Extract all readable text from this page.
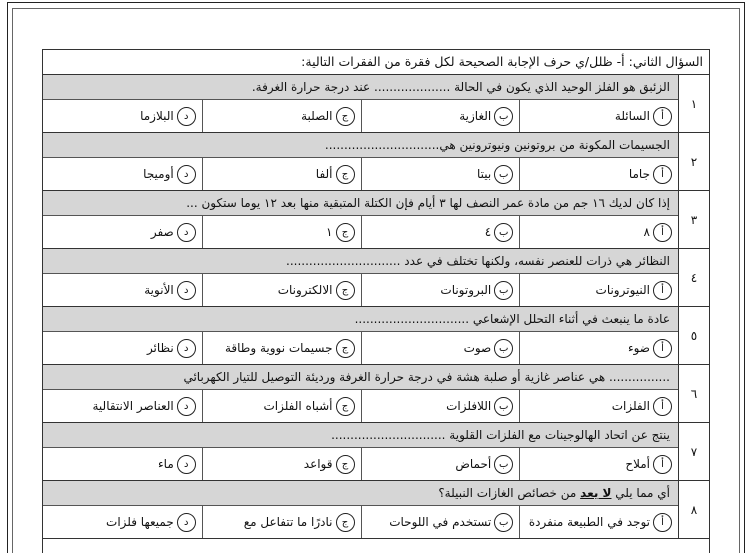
السؤال الثاني: أ- ظلل/ي حرف الإجابة الصحيحة لكل فقرة من الفقرات التالية:
١
الزئبق هو الفلز الوحيد الذي يكون في الحالة .................... عند درجة حرارة الغرفة.
أ
السائلة
ب
الغازية
ج
الصلبة
د
البلازما
٢
الجسيمات المكونة من بروتونين ونيوترونين هي..............................
أ
جاما
ب
بيتا
ج
ألفا
د
أوميجا
٣
إذا كان لديك ١٦ جم من مادة عمر النصف لها ٣ أيام فإن الكتلة المتبقية منها بعد ١٢ يوما ستكون ...
أ
٨
ب
٤
ج
١
د
صفر
٤
النظائر هي ذرات للعنصر نفسه، ولكنها تختلف في عدد ..............................
أ
النيوترونات
ب
البروتونات
ج
الالكترونات
د
الأنوية
٥
عادة ما ينبعث في أثناء التحلل الإشعاعي ..............................
أ
ضوء
ب
صوت
ج
جسيمات نووية وطاقة
د
نظائر
٦
................ هي عناصر غازية أو صلبة هشة في درجة حرارة الغرفة ورديئة التوصيل للتيار الكهربائي
أ
الفلزات
ب
اللافلزات
ج
أشباه الفلزات
د
العناصر الانتقالية
٧
ينتج عن اتحاد الهالوجينات مع الفلزات القلوية ..............................
أ
أملاح
ب
أحماض
ج
قواعد
د
ماء
٨
أي مما يلي لا يعد من خصائص الغازات النبيلة؟
أ
توجد في الطبيعة منفردة
ب
تستخدم في اللوحات
ج
نادرًا ما تتفاعل مع
د
جميعها فلزات
